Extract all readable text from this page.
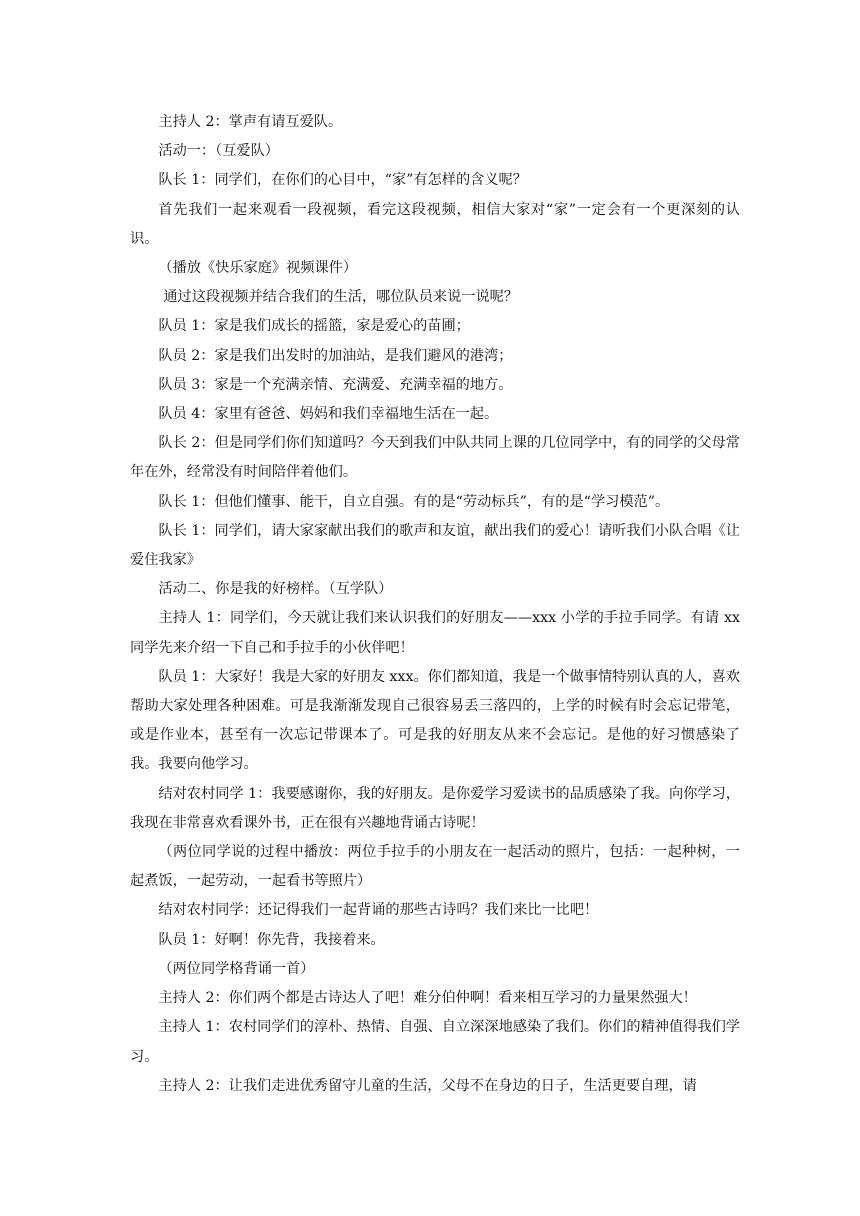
主持人 2：掌声有请互爱队。

活动一：（互爱队）

队长 1：同学们，在你们的心目中，“家”有怎样的含义呢？

首先我们一起来观看一段视频，看完这段视频，相信大家对“家”一定会有一个更深刻的认识。

（播放《快乐家庭》视频课件）

通过这段视频并结合我们的生活，哪位队员来说一说呢？

队员 1：家是我们成长的摇篮，家是爱心的苗圃；

队员 2：家是我们出发时的加油站，是我们避风的港湾；

队员 3：家是一个充满亲情、充满爱、充满幸福的地方。

队员 4：家里有爸爸、妈妈和我们幸福地生活在一起。

队长 2：但是同学们你们知道吗？今天到我们中队共同上课的几位同学中，有的同学的父母常年在外，经常没有时间陪伴着他们。

队长 1：但他们懂事、能干，自立自强。有的是“劳动标兵”，有的是“学习模范”。

队长 1：同学们，请大家家献出我们的歌声和友谊，献出我们的爱心！请听我们小队合唱《让爱住我家》

活动二、你是我的好榜样。（互学队）

主持人 1：同学们，今天就让我们来认识我们的好朋友——xxx 小学的手拉手同学。有请 xx 同学先来介绍一下自己和手拉手的小伙伴吧！

队员 1：大家好！我是大家的好朋友 xxx。你们都知道，我是一个做事情特别认真的人，喜欢帮助大家处理各种困难。可是我渐渐发现自己很容易丢三落四的，上学的时候有时会忘记带笔，或是作业本，甚至有一次忘记带课本了。可是我的好朋友从来不会忘记。是他的好习惯感染了我。我要向他学习。

结对农村同学 1：我要感谢你，我的好朋友。是你爱学习爱读书的品质感染了我。向你学习，我现在非常喜欢看课外书，正在很有兴趣地背诵古诗呢！

（两位同学说的过程中播放：两位手拉手的小朋友在一起活动的照片，包括：一起种树，一起煮饭，一起劳动，一起看书等照片）

结对农村同学：还记得我们一起背诵的那些古诗吗？我们来比一比吧！

队员 1：好啊！你先背，我接着来。

（两位同学格背诵一首）

主持人 2：你们两个都是古诗达人了吧！难分伯仲啊！看来相互学习的力量果然强大！

主持人 1：农村同学们的淳朴、热情、自强、自立深深地感染了我们。你们的精神值得我们学习。

主持人 2：让我们走进优秀留守儿童的生活，父母不在身边的日子，生活更要自理，请
